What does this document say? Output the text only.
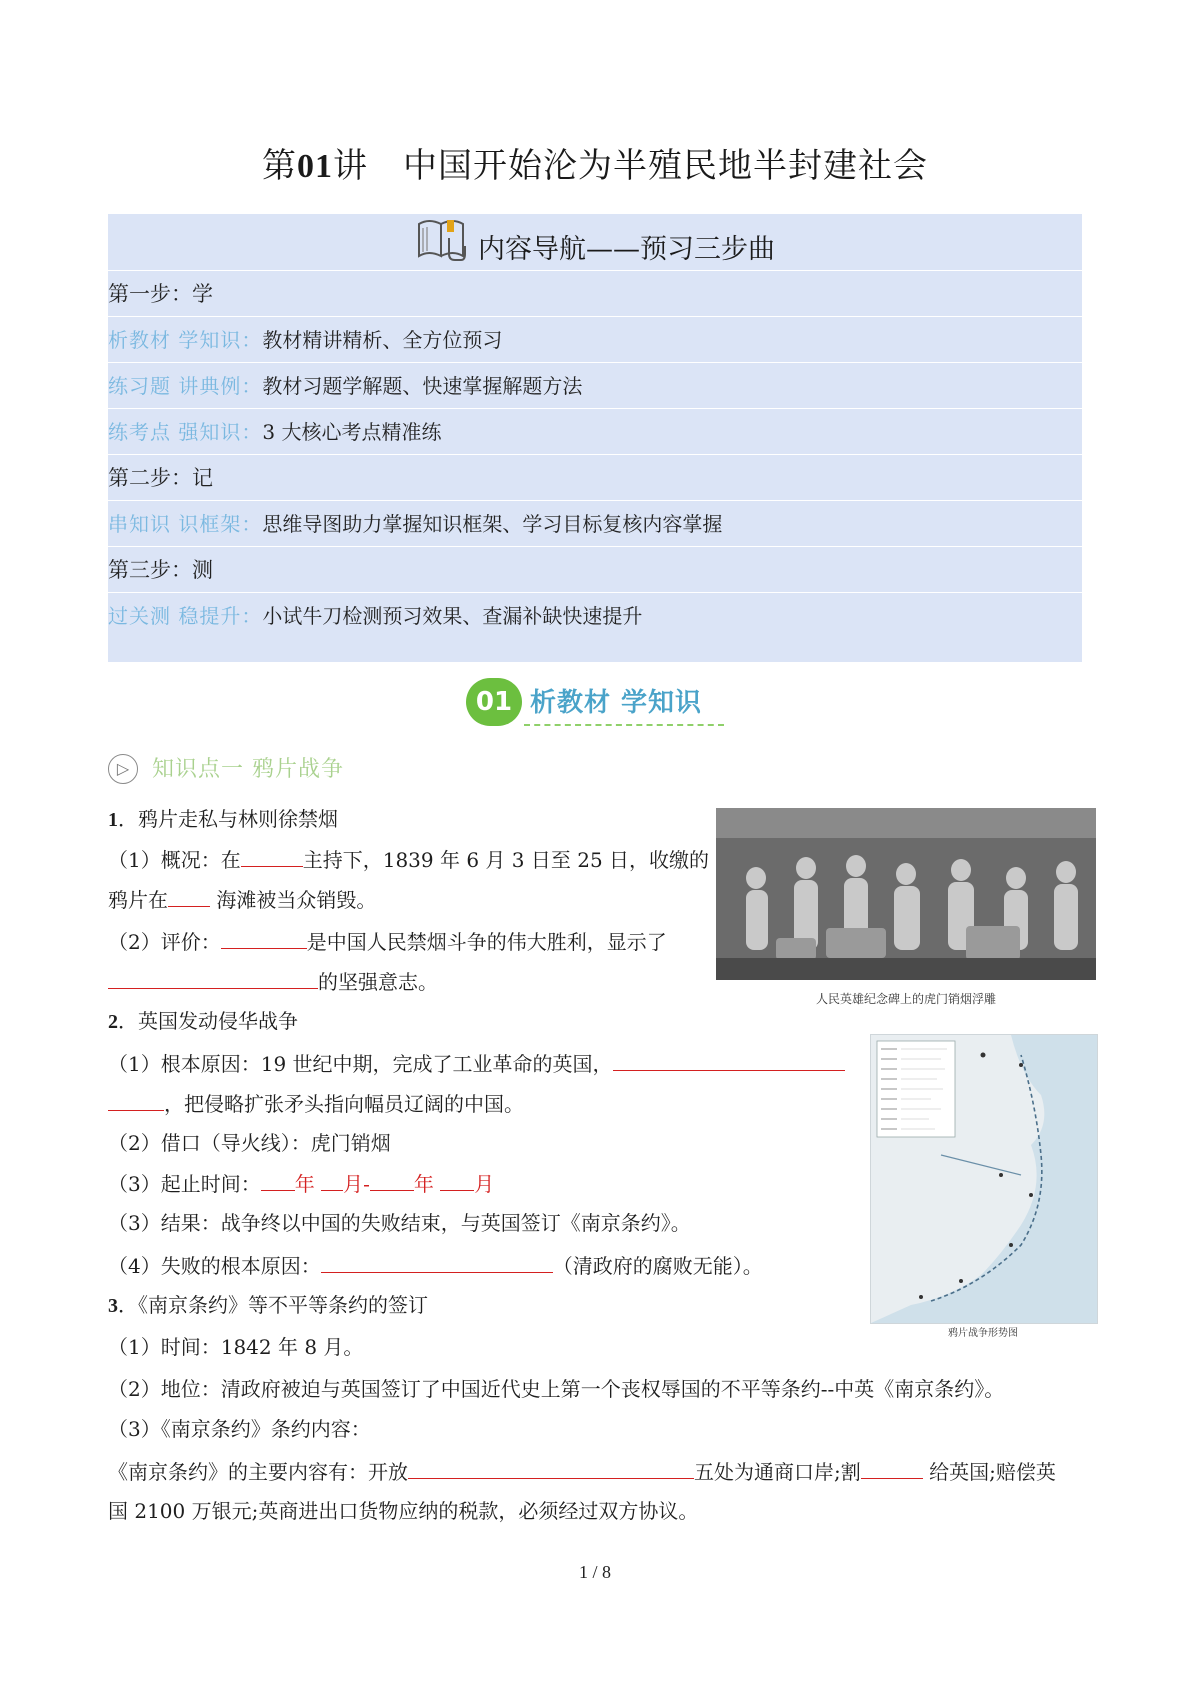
第01讲　中国开始沦为半殖民地半封建社会
内容导航——预习三步曲
第一步：学
析教材 学知识：教材精讲精析、全方位预习
练习题 讲典例：教材习题学解题、快速掌握解题方法
练考点 强知识：3 大核心考点精准练
第二步：记
串知识 识框架：思维导图助力掌握知识框架、学习目标复核内容掌握
第三步：测
过关测 稳提升：小试牛刀检测预习效果、查漏补缺快速提升
01 析教材 学知识
▷	知识点一 鸦片战争
1．鸦片走私与林则徐禁烟
（1）概况：在	主持下，1839 年 6 月 3 日至 25 日，收缴的
鸦片在 海滩被当众销毁。
（2）评价：	是中国人民禁烟斗争的伟大胜利，显示了
的坚强意志。
人民英雄纪念碑上的虎门销烟浮雕
2．英国发动侵华战争
（1）根本原因：19 世纪中期，完成了工业革命的英国，
，把侵略扩张矛头指向幅员辽阔的中国。
（2）借口（导火线）：虎门销烟
（3）起止时间： 年 月- 年 月
（3）结果：战争终以中国的失败结束，与英国签订《南京条约》。
（4）失败的根本原因：	（清政府的腐败无能）。
鸦片战争形势图
3．《南京条约》等不平等条约的签订
（1）时间：1842 年 8 月。
（2）地位：清政府被迫与英国签订了中国近代史上第一个丧权辱国的不平等条约--中英《南京条约》。
（3）《南京条约》条约内容：
《南京条约》的主要内容有：开放	五处为通商口岸;割	给英国;赔偿英
国 2100 万银元;英商进出口货物应纳的税款，必须经过双方协议。
1 / 8
